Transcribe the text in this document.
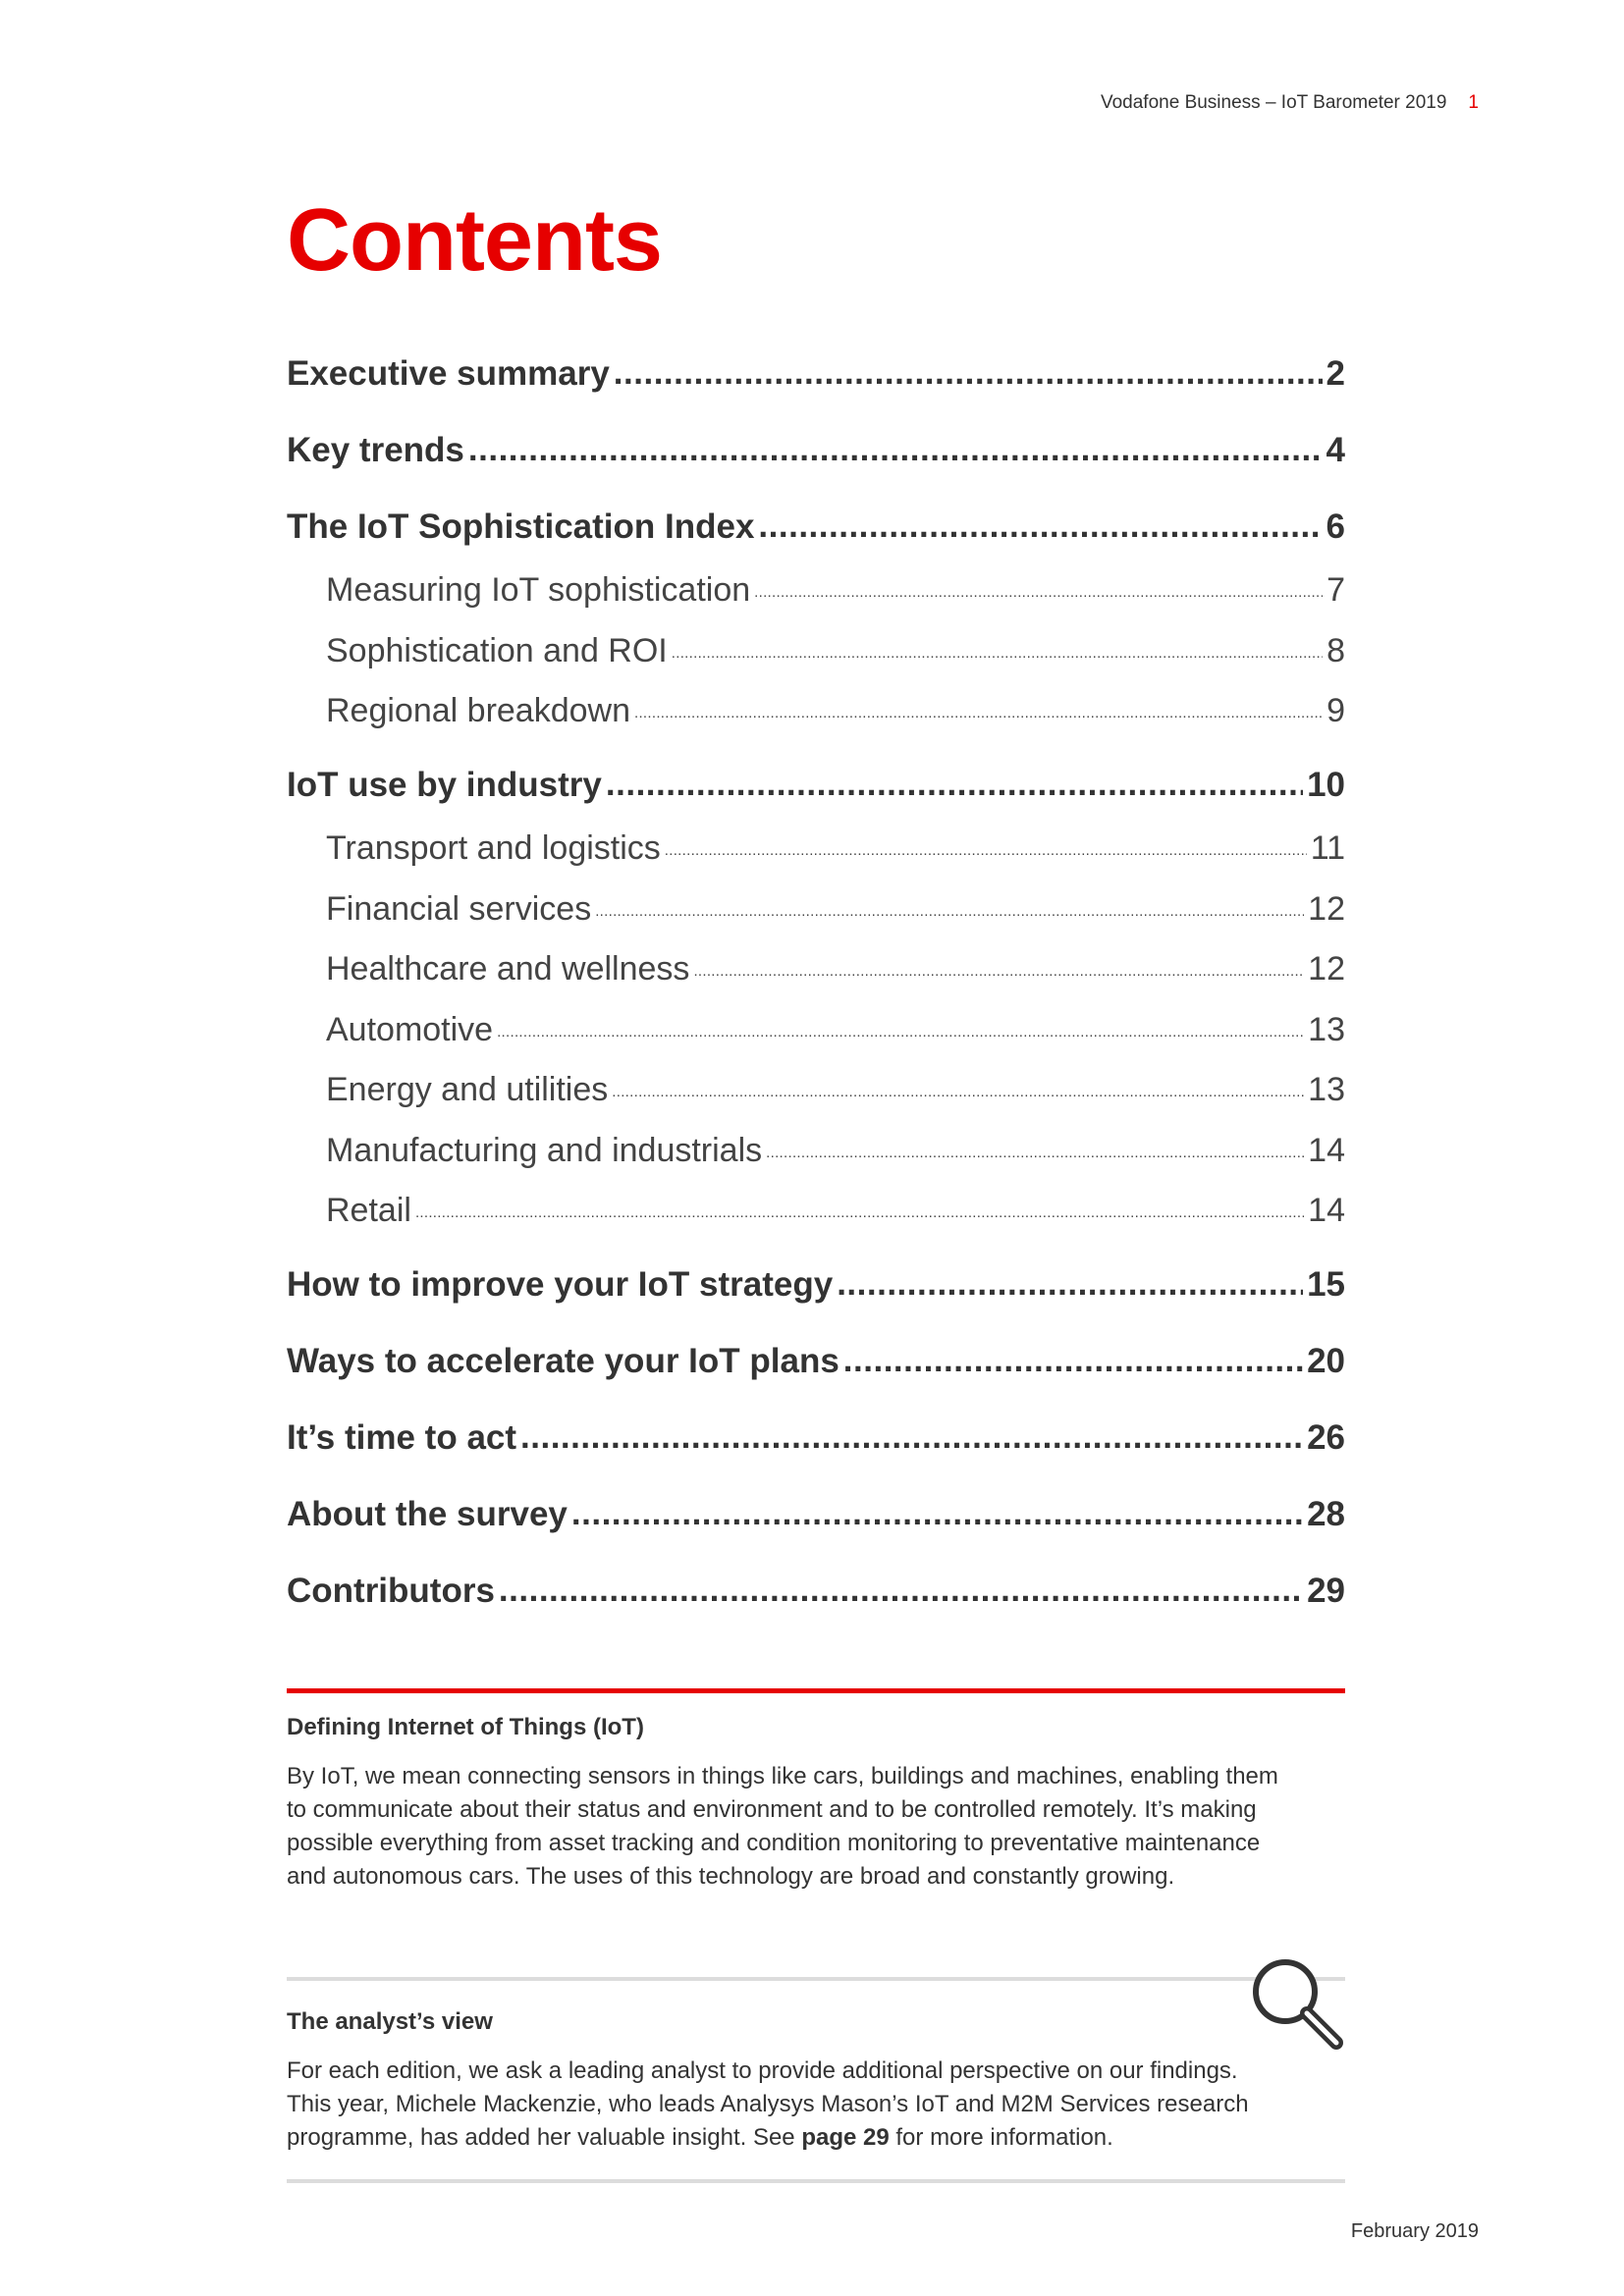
Vodafone Business – IoT Barometer 2019 1
Contents
Executive summary .....	2
Key trends .....	4
The IoT Sophistication Index .....	6
Measuring IoT sophistication .....	7
Sophistication and ROI .....	8
Regional breakdown .....	9
IoT use by industry .....	10
Transport and logistics .....	11
Financial services .....	12
Healthcare and wellness .....	12
Automotive .....	13
Energy and utilities .....	13
Manufacturing and industrials .....	14
Retail .....	14
How to improve your IoT strategy .....	15
Ways to accelerate your IoT plans .....	20
It’s time to act .....	26
About the survey .....	28
Contributors .....	29
Defining Internet of Things (IoT)
By IoT, we mean connecting sensors in things like cars, buildings and machines, enabling them
to communicate about their status and environment and to be controlled remotely. It’s making
possible everything from asset tracking and condition monitoring to preventative maintenance
and autonomous cars. The uses of this technology are broad and constantly growing.
The analyst’s view
For each edition, we ask a leading analyst to provide additional perspective on our findings.
This year, Michele Mackenzie, who leads Analysys Mason’s IoT and M2M Services research
programme, has added her valuable insight. See page 29 for more information.
February 2019
